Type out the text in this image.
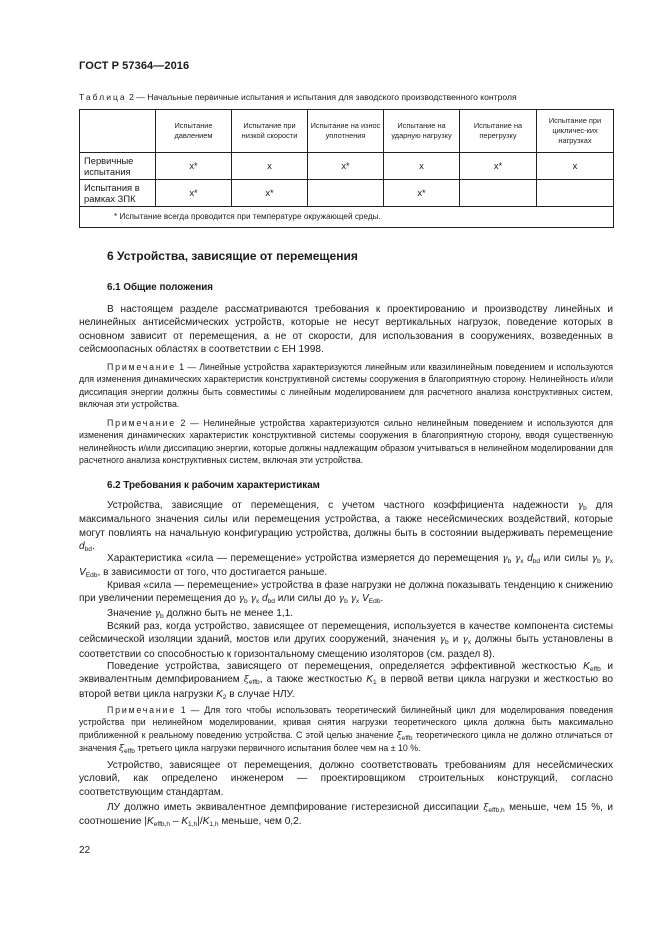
ГОСТ Р 57364—2016
Таблица 2 — Начальные первичные испытания и испытания для заводского производственного контроля
	Испытание давлением	Испытание при низкой скорости	Испытание на износ уплотнения	Испытание на ударную нагрузку	Испытание на перегрузку	Испытание при цикличес-ких нагрузках
Первичные испытания	x*	x	x*	x	x*	x
Испытания в рамках ЗПК	x*	x*		x*		
* Испытание всегда проводится при температуре окружающей среды.						
6 Устройства, зависящие от перемещения
6.1 Общие положения
В настоящем разделе рассматриваются требования к проектированию и производству линейных и нелинейных антисейсмических устройств, которые не несут вертикальных нагрузок, поведение которых в основном зависит от перемещения, а не от скорости, для использования в сооружениях, возведенных в сейсмоопасных областях в соответствии с ЕН 1998.
Примечание 1 — Линейные устройства характеризуются линейным или квазилинейным поведением и используются для изменения динамических характеристик конструктивной системы сооружения в благоприятную сторону. Нелинейность и/или диссипация энергии должны быть совместимы с линейным моделированием для расчетного анализа конструктивных систем, включая эти устройства.
Примечание 2 — Нелинейные устройства характеризуются сильно нелинейным поведением и используются для изменения динамических характеристик конструктивной системы сооружения в благоприятную сторону, вводя существенную нелинейность и/или диссипацию энергии, которые должны надлежащим образом учитываться в нелинейном моделировании для расчетного анализа конструктивных систем, включая эти устройства.
6.2 Требования к рабочим характеристикам
Устройства, зависящие от перемещения, с учетом частного коэффициента надежности $\gamma_b$ для максимального значения силы или перемещения устройства, а также несейсмических воздействий, которые могут повлиять на начальную конфигурацию устройства, должны быть в состоянии выдерживать перемещение $d_{bd}$.
Характеристика «сила — перемещение» устройства измеряется до перемещения $\gamma_b$ $\gamma_x$ $d_{bd}$ или силы $\gamma_b$ $\gamma_x$ $V_{Edb}$, в зависимости от того, что достигается раньше.
Кривая «сила — перемещение» устройства в фазе нагрузки не должна показывать тенденцию к снижению при увеличении перемещения до $\gamma_b$ $\gamma_x$ $d_{bd}$ или силы до $\gamma_b$ $\gamma_x$ $V_{Edb}$.
Значение $\gamma_b$ должно быть не менее 1,1.
Всякий раз, когда устройство, зависящее от перемещения, используется в качестве компонента системы сейсмической изоляции зданий, мостов или других сооружений, значения $\gamma_b$ и $\gamma_x$ должны быть установлены в соответствии со способностью к горизонтальному смещению изоляторов (см. раздел 8).
Поведение устройства, зависящего от перемещения, определяется эффективной жесткостью $K_{effb}$ и эквивалентным демпфированием $\xi_{effb}$, а также жесткостью $K_1$ в первой ветви цикла нагрузки и жесткостью во второй ветви цикла нагрузки $K_2$ в случае НЛУ.
Примечание 1 — Для того чтобы использовать теоретический билинейный цикл для моделирования поведения устройства при нелинейном моделировании, кривая снятия нагрузки теоретического цикла должна быть максимально приближенной к реальному поведению устройства. С этой целью значение $\xi_{effb}$ теоретического цикла не должно отличаться от значения $\xi_{effb}$ третьего цикла нагрузки первичного испытания более чем на ± 10 %.
Устройство, зависящее от перемещения, должно соответствовать требованиям для несейсмических условий, как определено инженером — проектировщиком строительных конструкций, согласно соответствующим стандартам.
ЛУ должно иметь эквивалентное демпфирование гистерезисной диссипации $\xi_{effb,h}$ меньше, чем 15 %, и соотношение $|K_{effb,h} - K_{1,h}|/K_{1,h}$ меньше, чем 0,2.
22
